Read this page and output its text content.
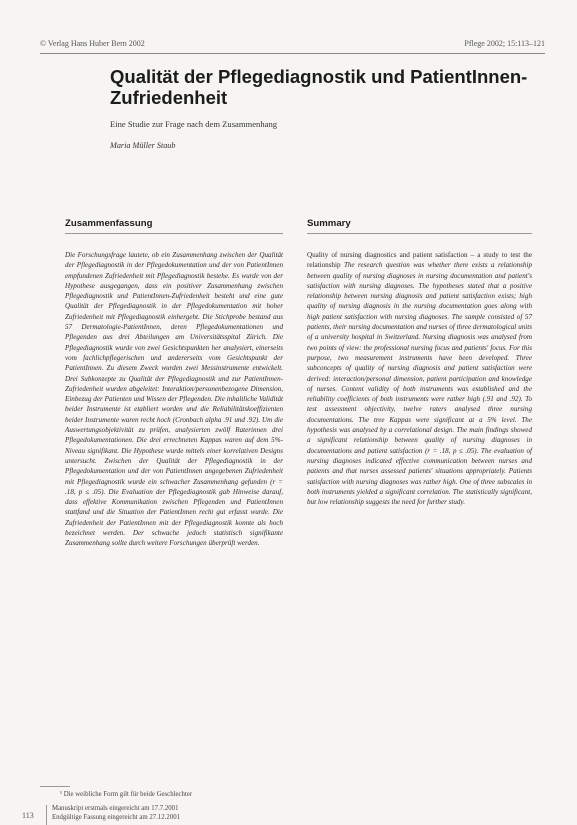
© Verlag Hans Huber Bern 2002	Pflege 2002; 15:113–121
Qualität der Pflegediagnostik und PatientInnen-Zufriedenheit
Eine Studie zur Frage nach dem Zusammenhang
Maria Müller Staub
Zusammenfassung
Die Forschungsfrage lautete, ob ein Zusammenhang zwischen der Qualität der Pflegediagnostik in der Pflegedokumentation und der von PatientInnen empfundenen Zufriedenheit mit Pflegediagnostik bestehe. Es wurde von der Hypothese ausgegangen, dass ein positiver Zusammenhang zwischen Pflegediagnostik und PatientInnen-Zufriedenheit besteht und eine gute Qualität der Pflegediagnostik in der Pflegedokumentation mit hoher Zufriedenheit mit Pflegediagnostik einhergeht. Die Stichprobe bestand aus 57 Dermatologie-PatientInnen, deren Pflegedokumentationen und Pflegenden aus drei Abteilungen am Universitätsspital Zürich. Die Pflegediagnostik wurde von zwei Gesichtspunkten her analysiert, einerseits vom fachlichpflegerischen und andererseits vom Gesichtspunkt der PatientInnen. Zu diesem Zweck wurden zwei Messinstrumente entwickelt. Drei Subkonzepte zu Qualität der Pflegediagnostik und zur PatientInnen-Zufriedenheit wurden abgeleitet: Interaktion/personenbezogene Dimension, Einbezug der Patienten und Wissen der Pflegenden. Die inhaltliche Validität beider Instrumente ist etabliert worden und die Reliabilitätskoeffizienten beider Instrumente waren recht hoch (Cronbach alpha .91 und .92). Um die Auswertungsobjektivität zu prüfen, analysierten zwölf Raterinnen drei Pflegedokumentationen. Die drei errechneten Kappas waren auf dem 5%-Niveau signifikant. Die Hypothese wurde mittels einer korrelativen Designs untersucht. Zwischen der Qualität der Pflegediagnostik in der Pflegedokumentation und der von PatientInnen angegebenen Zufriedenheit mit Pflegediagnostik wurde ein schwacher Zusammenhang gefunden (r = .18, p ≤ .05). Die Evaluation der Pflegediagnostik gab Hinweise darauf, dass effektive Kommunikation zwischen Pflegenden und PatientInnen stattfand und die Situation der PatientInnen recht gut erfasst wurde. Die Zufriedenheit der PatientInnen mit der Pflegediagnostik konnte als hoch bezeichnet werden. Der schwache jedoch statistisch signifikante Zusammenhang sollte durch weitere Forschungen überprüft werden.
Summary
Quality of nursing diagnostics and patient satisfaction – a study to test the relationship The research question was whether there exists a relationship between quality of nursing diagnoses in nursing documentation and patient's satisfaction with nursing diagnoses. The hypotheses stated that a positive relationship between nursing diagnosis and patient satisfaction exists; high quality of nursing diagnosis in the nursing documentation goes along with high patient satisfaction with nursing diagnoses. The sample consisted of 57 patients, their nursing documentation and nurses of three dermatological units of a university hospital in Switzerland. Nursing diagnosis was analysed from two points of view: the professional nursing focus and patients' focus. For this purpose, two measurement instruments have been developed. Three subconcepts of quality of nursing diagnosis and patient satisfaction were derived: interaction/personal dimension, patient participation and knowledge of nurses. Content validity of both instruments was established and the reliability coefficients of both instruments were rather high (.91 and .92). To test assessment objectivity, twelve raters analysed three nursing documentations. The tree Kappas were significant at a 5% level. The hypothesis was analysed by a correlational design. The main findings showed a significant relationship between quality of nursing diagnoses in documentations and patient satisfaction (r = .18, p ≤ .05). The evaluation of nursing diagnoses indicated effective communication between nurses and patients and that nurses assessed patients' situations appropriately. Patients satisfaction with nursing diagnoses was rather high. One of three subscales in both instruments yielded a significant correlation. The statistically significant, but low relationship suggests the need for further study.
¹ Die weibliche Form gilt für beide Geschlechter
113
Manuskript erstmals eingereicht am 17.7.2001
Endgültige Fassung eingereicht am 27.12.2001
